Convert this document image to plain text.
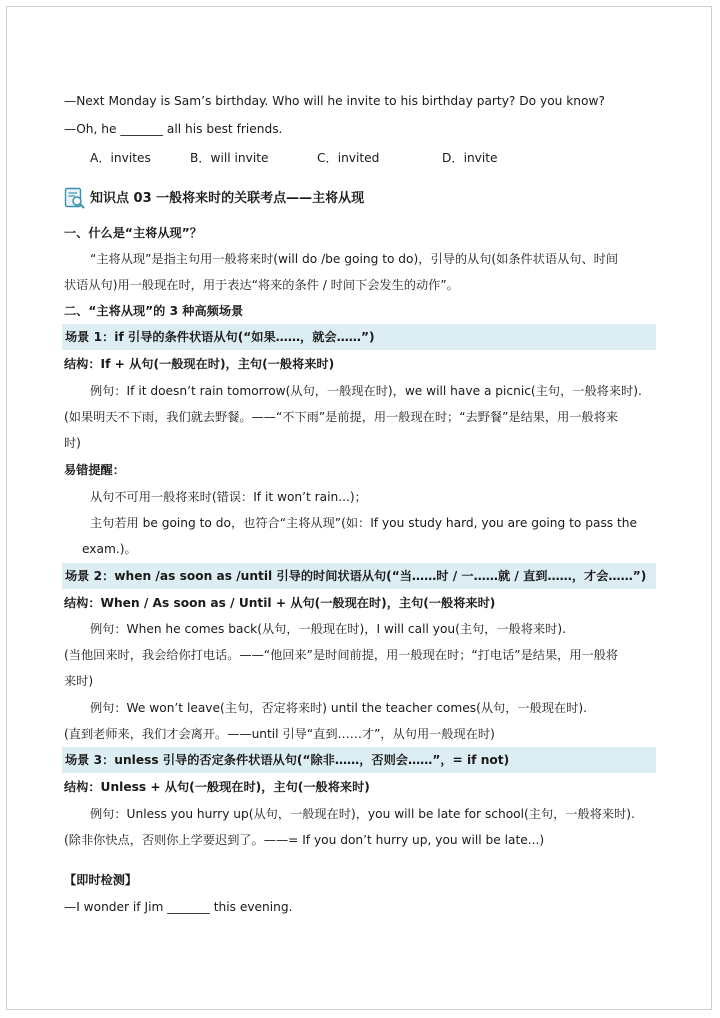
—Next Monday is Sam’s birthday. Who will he invite to his birthday party? Do you know?
—Oh, he _______ all his best friends.
A．invites	B．will invite	C．invited	D．invite
知识点 03 一般将来时的关联考点——主将从现
一、什么是“主将从现”？
“主将从现”是指主句用一般将来时(will do /be going to do)，引导的从句(如条件状语从句、时间
状语从句)用一般现在时，用于表达“将来的条件 / 时间下会发生的动作”。
二、“主将从现”的 3 种高频场景
场景 1：if 引导的条件状语从句(“如果……，就会……”)
结构：If + 从句(一般现在时)，主句(一般将来时)
例句：If it doesn’t rain tomorrow(从句，一般现在时)，we will have a picnic(主句，一般将来时).
(如果明天不下雨，我们就去野餐。——“不下雨”是前提，用一般现在时；“去野餐”是结果，用一般将来
时)
易错提醒：
从句不可用一般将来时(错误：If it won’t rain...)；
主句若用 be going to do，也符合“主将从现”(如：If you study hard, you are going to pass the
exam.)。
场景 2：when /as soon as /until 引导的时间状语从句(“当……时 / 一……就 / 直到……，才会……”)
结构：When / As soon as / Until + 从句(一般现在时)，主句(一般将来时)
例句：When he comes back(从句，一般现在时)，I will call you(主句，一般将来时).
(当他回来时，我会给你打电话。——“他回来”是时间前提，用一般现在时；“打电话”是结果，用一般将
来时)
例句：We won’t leave(主句，否定将来时) until the teacher comes(从句，一般现在时).
(直到老师来，我们才会离开。——until 引导“直到……才”，从句用一般现在时)
场景 3：unless 引导的否定条件状语从句(“除非……，否则会……”，= if not)
结构：Unless + 从句(一般现在时)，主句(一般将来时)
例句：Unless you hurry up(从句，一般现在时)，you will be late for school(主句，一般将来时).
(除非你快点，否则你上学要迟到了。——= If you don’t hurry up, you will be late...)
【即时检测】
—I wonder if Jim _______ this evening.
